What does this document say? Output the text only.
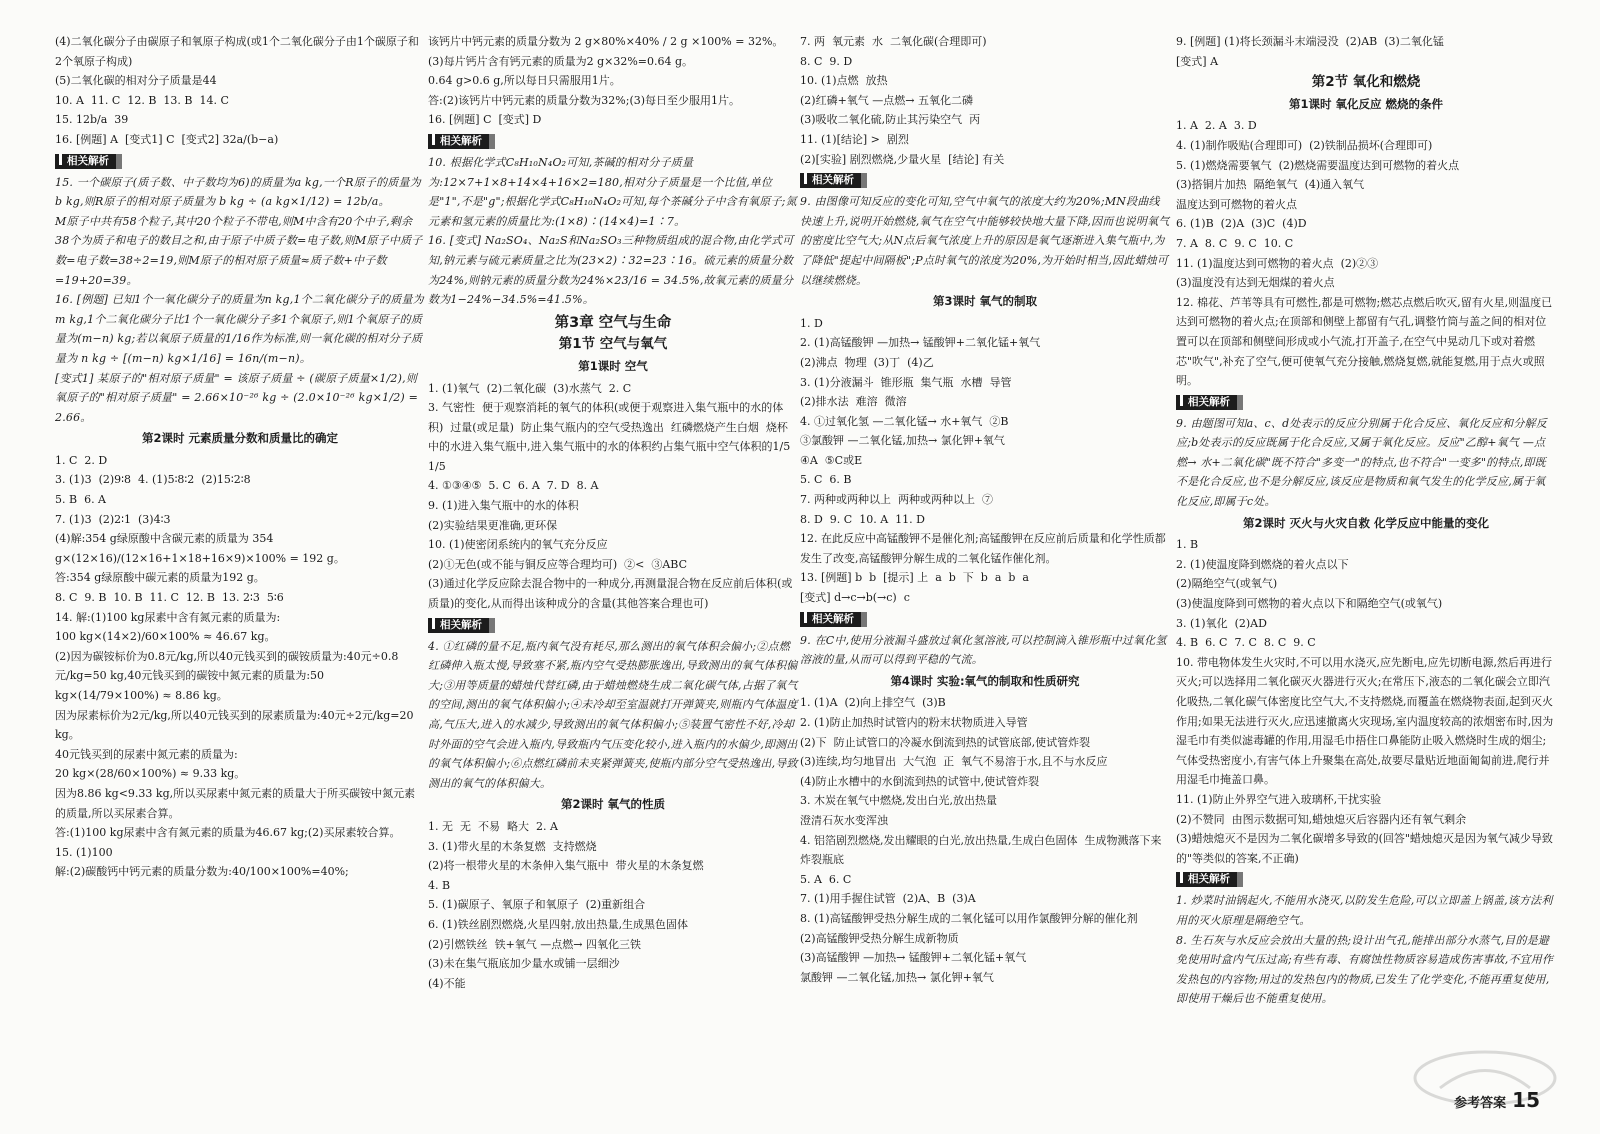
(4)二氧化碳分子由碳原子和氧原子构成(或1个二氧化碳分子由1个碳原子和2个氧原子构成)
(5)二氧化碳的相对分子质量是44
10. A  11. C  12. B  13. B  14. C
15. 12b/a  39
16. [例题] A  [变式1] C  [变式2] 32a/(b−a)
相关解析
15. 一个碳原子(质子数、中子数均为6)的质量为a kg,一个R原子的质量为b kg,则R原子的相对原子质量为 b kg ÷ (a kg×1/12) = 12b/a。
M原子中共有58个粒子,其中20个粒子不带电,则M中含有20个中子,剩余38个为质子和电子的数目之和,由于原子中质子数=电子数,则M原子中质子数=电子数=38÷2=19,则M原子的相对原子质量≈质子数+中子数=19+20=39。
16. [例题] 已知1个一氧化碳分子的质量为n kg,1个二氧化碳分子的质量为m kg,1个二氧化碳分子比1个一氧化碳分子多1个氧原子,则1个氧原子的质量为(m−n) kg;若以氧原子质量的1/16作为标准,则一氧化碳的相对分子质量为 n kg ÷ [(m−n) kg×1/16] = 16n/(m−n)。
[变式1] 某原子的"相对原子质量" = 该原子质量 ÷ (碳原子质量×1/2),则氧原子的"相对原子质量" = 2.66×10⁻²⁶ kg ÷ (2.0×10⁻²⁶ kg×1/2) = 2.66。
第2课时 元素质量分数和质量比的确定
1. C  2. D
3. (1)3  (2)9∶8  4. (1)5∶8∶2  (2)15∶2∶8
5. B  6. A
7. (1)3  (2)2∶1  (3)4∶3
(4)解:354 g绿原酸中含碳元素的质量为 354 g×(12×16)/(12×16+1×18+16×9)×100% = 192 g。
答:354 g绿原酸中碳元素的质量为192 g。
8. C  9. B  10. B  11. C  12. B  13. 2∶3  5∶6
14. 解:(1)100 kg尿素中含有氮元素的质量为:
100 kg×(14×2)/60×100% ≈ 46.67 kg。
(2)因为碳铵标价为0.8元/kg,所以40元钱买到的碳铵质量为:40元÷0.8元/kg=50 kg,40元钱买到的碳铵中氮元素的质量为:50 kg×(14/79×100%) ≈ 8.86 kg。
因为尿素标价为2元/kg,所以40元钱买到的尿素质量为:40元÷2元/kg=20 kg。
40元钱买到的尿素中氮元素的质量为:
20 kg×(28/60×100%) ≈ 9.33 kg。
因为8.86 kg<9.33 kg,所以买尿素中氮元素的质量大于所买碳铵中氮元素的质量,所以买尿素合算。
答:(1)100 kg尿素中含有氮元素的质量为46.67 kg;(2)买尿素较合算。
15. (1)100
解:(2)碳酸钙中钙元素的质量分数为:40/100×100%=40%;
该钙片中钙元素的质量分数为 2 g×80%×40% / 2 g ×100% = 32%。
(3)每片钙片含有钙元素的质量为2 g×32%=0.64 g。
0.64 g>0.6 g,所以每日只需服用1片。
答:(2)该钙片中钙元素的质量分数为32%;(3)每日至少服用1片。
16. [例题] C  [变式] D
相关解析
10. 根据化学式C₈H₁₀N₄O₂可知,茶碱的相对分子质量为:12×7+1×8+14×4+16×2=180,相对分子质量是一个比值,单位是"1",不是"g";根据化学式C₈H₁₀N₄O₂可知,每个茶碱分子中含有氧原子;氮元素和氢元素的质量比为:(1×8)∶(14×4)=1∶7。
16. [变式] Na₂SO₄、Na₂S和Na₂SO₃三种物质组成的混合物,由化学式可知,钠元素与硫元素质量之比为(23×2)∶32=23∶16。硫元素的质量分数为24%,则钠元素的质量分数为24%×23/16 = 34.5%,故氧元素的质量分数为1−24%−34.5%=41.5%。
第3章 空气与生命
第1节 空气与氧气
第1课时 空气
1. (1)氧气  (2)二氧化碳  (3)水蒸气  2. C
3. 气密性  便于观察消耗的氧气的体积(或便于观察进入集气瓶中的水的体积)  过量(或足量)  防止集气瓶内的空气受热逸出  红磷燃烧产生白烟  烧杯中的水进入集气瓶中,进入集气瓶中的水的体积约占集气瓶中空气体积的1/5   1/5
4. ①③④⑤  5. C  6. A  7. D  8. A
9. (1)进入集气瓶中的水的体积
(2)实验结果更准确,更环保
10. (1)使密闭系统内的氧气充分反应
(2)①无色(或不能与铜反应等合理均可)  ②<  ③ABC
(3)通过化学反应除去混合物中的一种成分,再测量混合物在反应前后体积(或质量)的变化,从而得出该种成分的含量(其他答案合理也可)
相关解析
4. ①红磷的量不足,瓶内氧气没有耗尽,那么测出的氧气体积会偏小;②点燃红磷伸入瓶太慢,导致塞不紧,瓶内空气受热膨胀逸出,导致测出的氧气体积偏大;③用等质量的蜡烛代替红磷,由于蜡烛燃烧生成二氧化碳气体,占据了氧气的空间,测出的氧气体积偏小;④未冷却至室温就打开弹簧夹,则瓶内气体温度高,气压大,进入的水减少,导致测出的氧气体积偏小;⑤装置气密性不好,冷却时外面的空气会进入瓶内,导致瓶内气压变化较小,进入瓶内的水偏少,即测出的氧气体积偏小;⑥点燃红磷前未夹紧弹簧夹,使瓶内部分空气受热逸出,导致测出的氧气的体积偏大。
第2课时 氧气的性质
1. 无  无  不易  略大  2. A
3. (1)带火星的木条复燃  支持燃烧
(2)将一根带火星的木条伸入集气瓶中  带火星的木条复燃
4. B
5. (1)碳原子、氧原子和氧原子  (2)重新组合
6. (1)铁丝剧烈燃烧,火星四射,放出热量,生成黑色固体
(2)引燃铁丝  铁+氧气 —点燃→ 四氧化三铁
(3)未在集气瓶底加少量水或铺一层细沙
(4)不能
7. 两  氧元素  水  二氧化碳(合理即可)
8. C  9. D
10. (1)点燃  放热
(2)红磷+氧气 —点燃→ 五氧化二磷
(3)吸收二氧化硫,防止其污染空气  丙
11. (1)[结论] >  剧烈
(2)[实验] 剧烈燃烧,少量火星  [结论] 有关
相关解析
9. 由图像可知反应的变化可知,空气中氧气的浓度大约为20%;MN段曲线快速上升,说明开始燃烧,氧气在空气中能够较快地大量下降,因而也说明氧气的密度比空气大;从N点后氧气浓度上升的原因是氧气逐渐进入集气瓶中,为了降低"提起中间隔板";P点时氧气的浓度为20%,为开始时相当,因此蜡烛可以继续燃烧。
第3课时 氧气的制取
1. D
2. (1)高锰酸钾 —加热→ 锰酸钾+二氧化锰+氧气
(2)沸点  物理  (3)丁  (4)乙
3. (1)分液漏斗  锥形瓶  集气瓶  水槽  导管
(2)排水法  难溶  微溶
4. ①过氧化氢 —二氧化锰→ 水+氧气  ②B
③氯酸钾 —二氧化锰,加热→ 氯化钾+氧气
④A  ⑤C或E
5. C  6. B
7. 两种或两种以上  两种或两种以上  ⑦
8. D  9. C  10. A  11. D
12. 在此反应中高锰酸钾不是催化剂;高锰酸钾在反应前后质量和化学性质都发生了改变,高锰酸钾分解生成的二氧化锰作催化剂。
13. [例题] b  b  [提示] 上  a  b  下  b  a  b  a
[变式] d→c→b(→c)  c
相关解析
9. 在C中,使用分液漏斗盛放过氧化氢溶液,可以控制滴入锥形瓶中过氧化氢溶液的量,从而可以得到平稳的气流。
第4课时 实验:氧气的制取和性质研究
1. (1)A  (2)向上排空气  (3)B
2. (1)防止加热时试管内的粉末状物质进入导管
(2)下  防止试管口的冷凝水倒流到热的试管底部,使试管炸裂
(3)连续,均匀地冒出  大气泡  正  氧气不易溶于水,且不与水反应
(4)防止水槽中的水倒流到热的试管中,使试管炸裂
3. 木炭在氧气中燃烧,发出白光,放出热量
澄清石灰水变浑浊
4. 铝箔剧烈燃烧,发出耀眼的白光,放出热量,生成白色固体  生成物溅落下来炸裂瓶底
5. A  6. C
7. (1)用手握住试管  (2)A、B  (3)A
8. (1)高锰酸钾受热分解生成的二氧化锰可以用作氯酸钾分解的催化剂
(2)高锰酸钾受热分解生成新物质
(3)高锰酸钾 —加热→ 锰酸钾+二氧化锰+氧气
氯酸钾 —二氧化锰,加热→ 氯化钾+氧气
9. [例题] (1)将长颈漏斗末端浸没  (2)AB  (3)二氧化锰
[变式] A
第2节 氧化和燃烧
第1课时 氧化反应 燃烧的条件
1. A  2. A  3. D
4. (1)制作吸贴(合理即可)  (2)铁制品损坏(合理即可)
5. (1)燃烧需要氧气  (2)燃烧需要温度达到可燃物的着火点
(3)搭铜片加热  隔绝氧气  (4)通入氧气
温度达到可燃物的着火点
6. (1)B  (2)A  (3)C  (4)D
7. A  8. C  9. C  10. C
11. (1)温度达到可燃物的着火点  (2)②③
(3)温度没有达到无烟煤的着火点
12. 棉花、芦苇等具有可燃性,都是可燃物;燃芯点燃后吹灭,留有火星,则温度已达到可燃物的着火点;在顶部和侧壁上都留有气孔,调整竹筒与盖之间的相对位置可以在顶部和侧壁间形成或小气流,打开盖子,在空气中晃动几下或对着燃芯"吹气",补充了空气,便可使氧气充分接触,燃烧复燃,就能复燃,用于点火或照明。
相关解析
9. 由题图可知a、c、d处表示的反应分别属于化合反应、氧化反应和分解反应;b处表示的反应既属于化合反应,又属于氧化反应。反应"乙醇+氧气 —点燃→ 水+二氧化碳"既不符合"多变一"的特点,也不符合"一变多"的特点,即既不是化合反应,也不是分解反应,该反应是物质和氧气发生的化学反应,属于氧化反应,即属于c处。
第2课时 灭火与火灾自救 化学反应中能量的变化
1. B
2. (1)使温度降到燃烧的着火点以下
(2)隔绝空气(或氧气)
(3)使温度降到可燃物的着火点以下和隔绝空气(或氧气)
3. (1)氧化  (2)AD
4. B  6. C  7. C  8. C  9. C
10. 带电物体发生火灾时,不可以用水浇灭,应先断电,应先切断电源,然后再进行灭火;可以选择用二氧化碳灭火器进行灭火;在常压下,液态的二氧化碳会立即汽化吸热,二氧化碳气体密度比空气大,不支持燃烧,而覆盖在燃烧物表面,起到灭火作用;如果无法进行灭火,应迅速撤离火灾现场,室内温度较高的浓烟密布时,因为湿毛巾有类似滤毒罐的作用,用湿毛巾捂住口鼻能防止吸入燃烧时生成的烟尘;气体受热密度小,有害气体上升聚集在高处,故要尽量贴近地面匍匐前进,爬行并用湿毛巾掩盖口鼻。
11. (1)防止外界空气进入玻璃杯,干扰实验
(2)不赞同  由图示数据可知,蜡烛熄灭后容器内还有氧气剩余
(3)蜡烛熄灭不是因为二氧化碳增多导致的(回答"蜡烛熄灭是因为氧气减少导致的"等类似的答案,不正确)
相关解析
1. 炒菜时油锅起火,不能用水浇灭,以防发生危险,可以立即盖上锅盖,该方法利用的灭火原理是隔绝空气。
8. 生石灰与水反应会放出大量的热;设计出气孔,能排出部分水蒸气,目的是避免使用时盒内气压过高;有些有毒、有腐蚀性物质容易造成伤害事故,不宜用作发热包的内容物;用过的发热包内的物质,已发生了化学变化,不能再重复使用,即使用干燥后也不能重复使用。
参考答案 15
